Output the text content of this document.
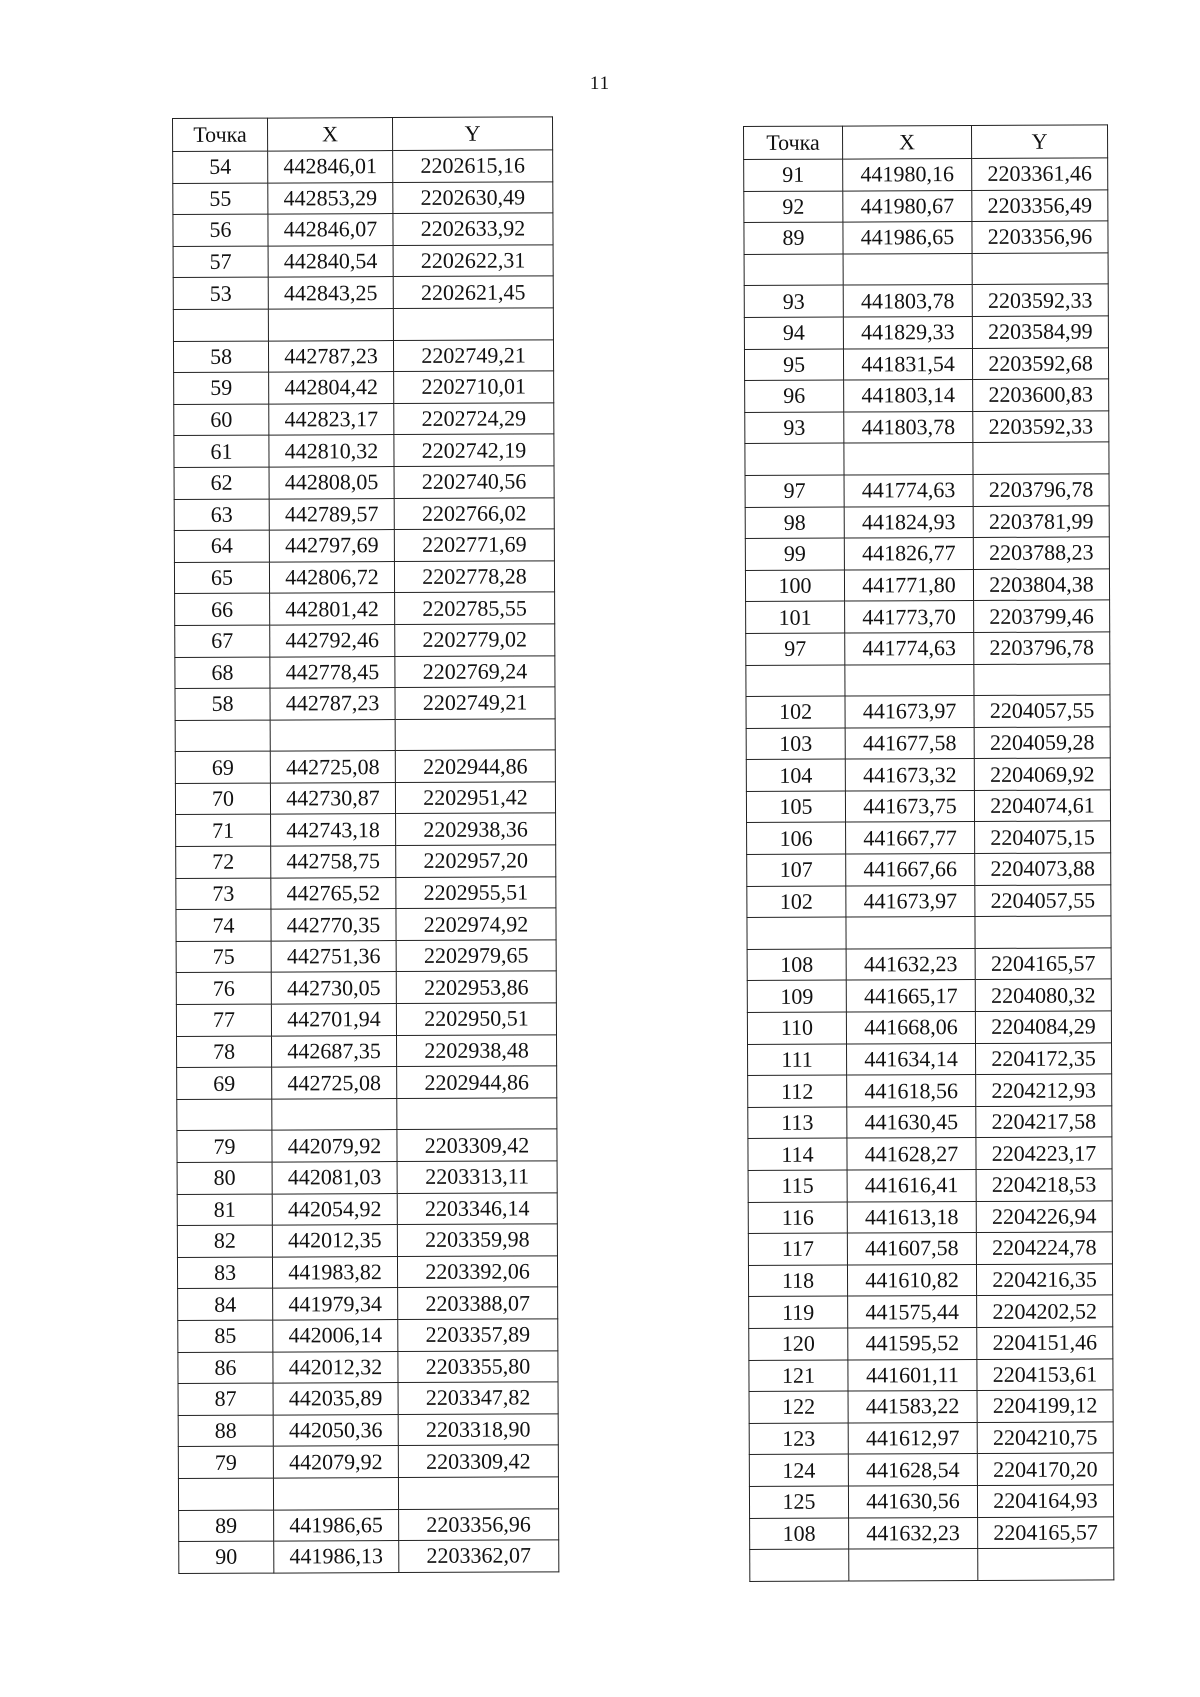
11
Точка	X	Y
54	442846,01	2202615,16
55	442853,29	2202630,49
56	442846,07	2202633,92
57	442840,54	2202622,31
53	442843,25	2202621,45

58	442787,23	2202749,21
59	442804,42	2202710,01
60	442823,17	2202724,29
61	442810,32	2202742,19
62	442808,05	2202740,56
63	442789,57	2202766,02
64	442797,69	2202771,69
65	442806,72	2202778,28
66	442801,42	2202785,55
67	442792,46	2202779,02
68	442778,45	2202769,24
58	442787,23	2202749,21

69	442725,08	2202944,86
70	442730,87	2202951,42
71	442743,18	2202938,36
72	442758,75	2202957,20
73	442765,52	2202955,51
74	442770,35	2202974,92
75	442751,36	2202979,65
76	442730,05	2202953,86
77	442701,94	2202950,51
78	442687,35	2202938,48
69	442725,08	2202944,86

79	442079,92	2203309,42
80	442081,03	2203313,11
81	442054,92	2203346,14
82	442012,35	2203359,98
83	441983,82	2203392,06
84	441979,34	2203388,07
85	442006,14	2203357,89
86	442012,32	2203355,80
87	442035,89	2203347,82
88	442050,36	2203318,90
79	442079,92	2203309,42

89	441986,65	2203356,96
90	441986,13	2203362,07
Точка	X	Y
91	441980,16	2203361,46
92	441980,67	2203356,49
89	441986,65	2203356,96

93	441803,78	2203592,33
94	441829,33	2203584,99
95	441831,54	2203592,68
96	441803,14	2203600,83
93	441803,78	2203592,33

97	441774,63	2203796,78
98	441824,93	2203781,99
99	441826,77	2203788,23
100	441771,80	2203804,38
101	441773,70	2203799,46
97	441774,63	2203796,78

102	441673,97	2204057,55
103	441677,58	2204059,28
104	441673,32	2204069,92
105	441673,75	2204074,61
106	441667,77	2204075,15
107	441667,66	2204073,88
102	441673,97	2204057,55

108	441632,23	2204165,57
109	441665,17	2204080,32
110	441668,06	2204084,29
111	441634,14	2204172,35
112	441618,56	2204212,93
113	441630,45	2204217,58
114	441628,27	2204223,17
115	441616,41	2204218,53
116	441613,18	2204226,94
117	441607,58	2204224,78
118	441610,82	2204216,35
119	441575,44	2204202,52
120	441595,52	2204151,46
121	441601,11	2204153,61
122	441583,22	2204199,12
123	441612,97	2204210,75
124	441628,54	2204170,20
125	441630,56	2204164,93
108	441632,23	2204165,57
